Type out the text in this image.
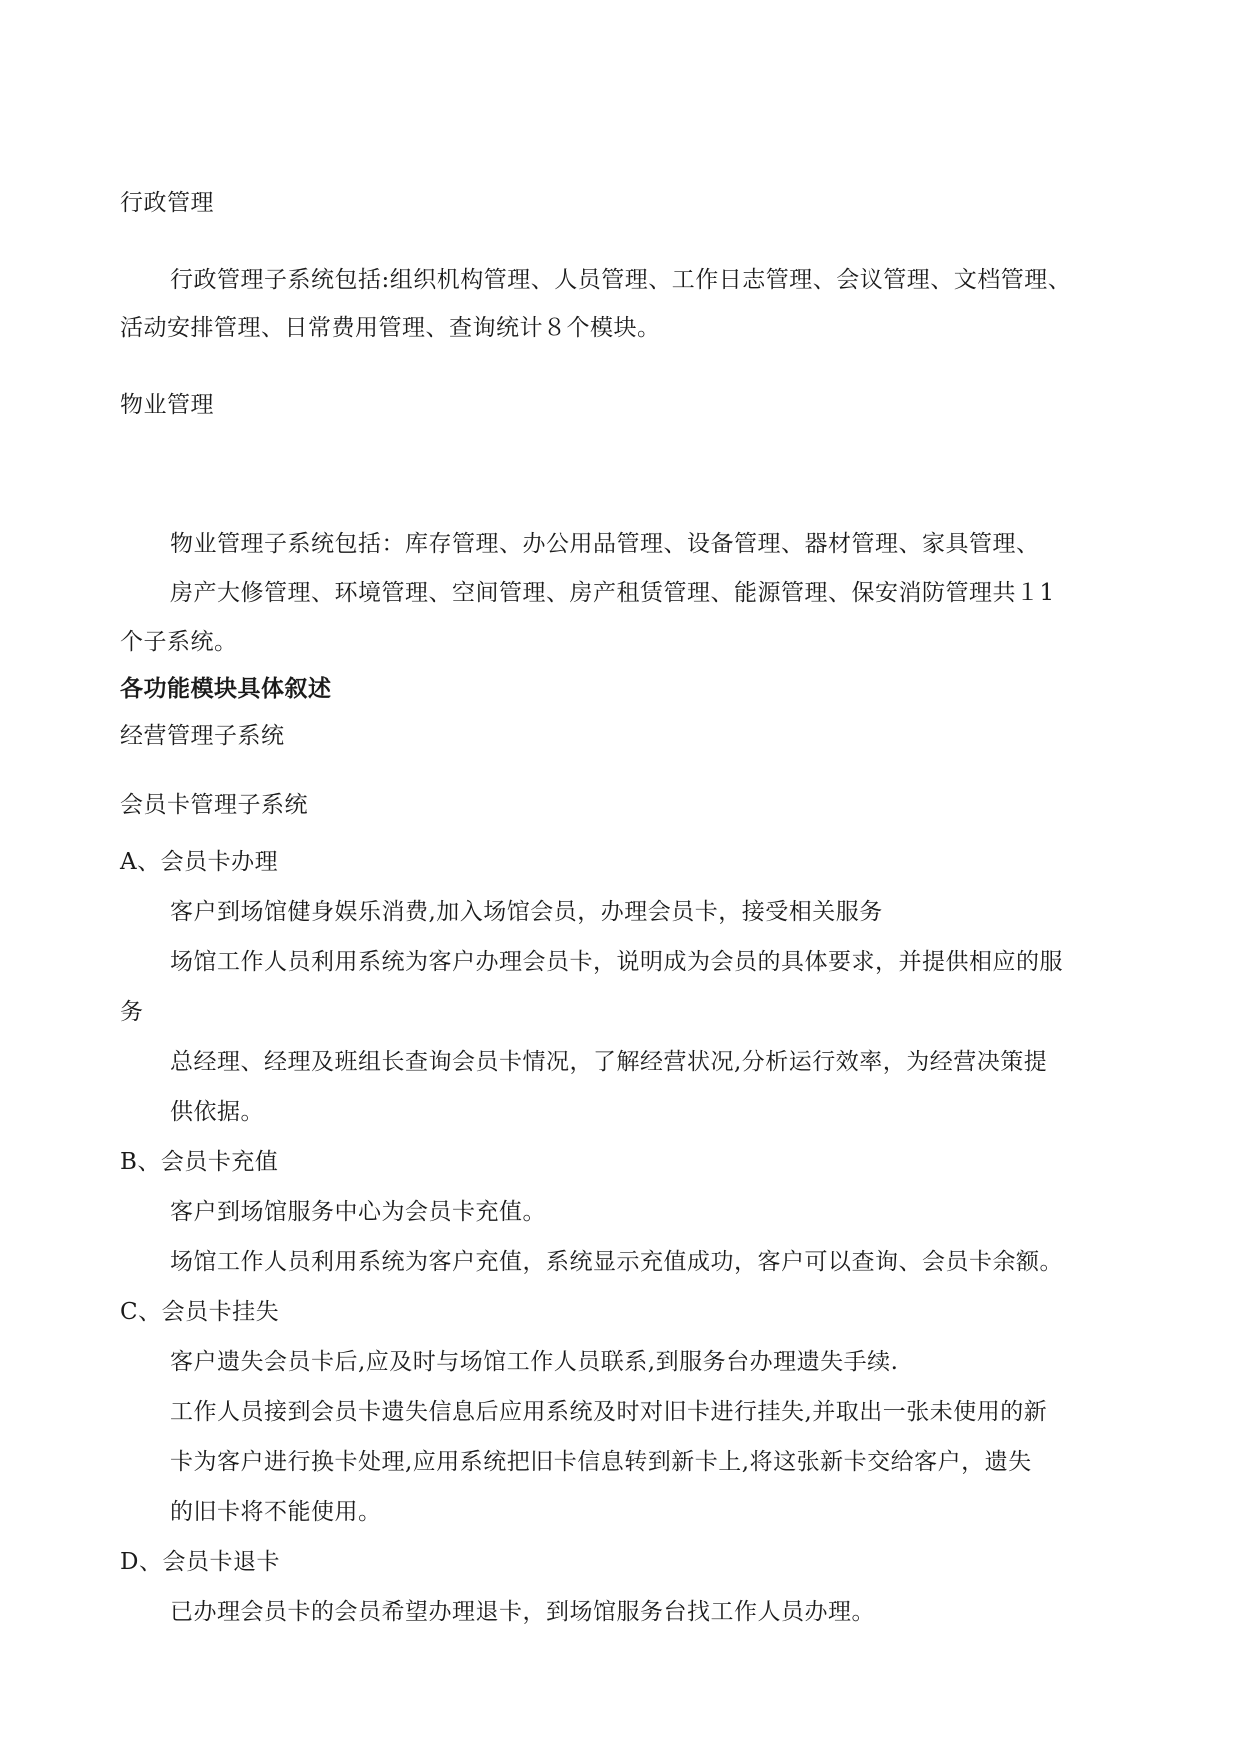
行政管理
行政管理子系统包括:组织机构管理、人员管理、工作日志管理、会议管理、文档管理、
活动安排管理、日常费用管理、查询统计８个模块。
物业管理
物业管理子系统包括：库存管理、办公用品管理、设备管理、器材管理、家具管理、
房产大修管理、环境管理、空间管理、房产租赁管理、能源管理、保安消防管理共１1
个子系统。
各功能模块具体叙述
经营管理子系统
会员卡管理子系统
A、会员卡办理
客户到场馆健身娱乐消费,加入场馆会员，办理会员卡，接受相关服务
场馆工作人员利用系统为客户办理会员卡，说明成为会员的具体要求，并提供相应的服
务
总经理、经理及班组长查询会员卡情况，了解经营状况,分析运行效率，为经营决策提
供依据。
B、会员卡充值
客户到场馆服务中心为会员卡充值。
场馆工作人员利用系统为客户充值，系统显示充值成功，客户可以查询、会员卡余额。
C、会员卡挂失
客户遗失会员卡后,应及时与场馆工作人员联系,到服务台办理遗失手续.
工作人员接到会员卡遗失信息后应用系统及时对旧卡进行挂失,并取出一张未使用的新
卡为客户进行换卡处理,应用系统把旧卡信息转到新卡上,将这张新卡交给客户，遗失
的旧卡将不能使用。
D、会员卡退卡
已办理会员卡的会员希望办理退卡，到场馆服务台找工作人员办理。
